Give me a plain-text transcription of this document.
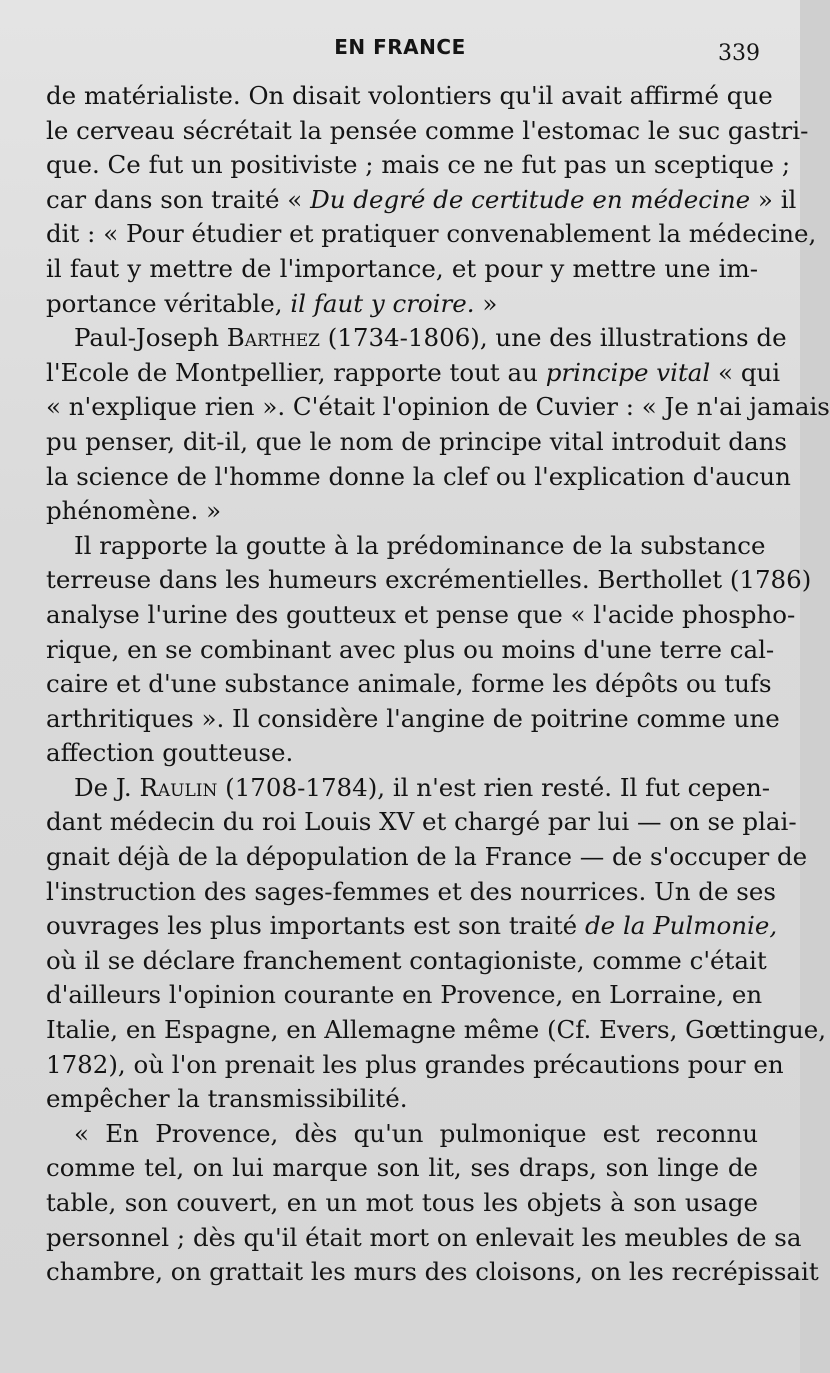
EN FRANCE	339
de matérialiste. On disait volontiers qu'il avait affirmé que
le cerveau sécrétait la pensée comme l'estomac le suc gastri-
que. Ce fut un positiviste ; mais ce ne fut pas un sceptique ;
car dans son traité « Du degré de certitude en médecine » il
dit : « Pour étudier et pratiquer convenablement la médecine,
il faut y mettre de l'importance, et pour y mettre une im-
portance véritable, il faut y croire. »
Paul-Joseph Barthez (1734-1806), une des illustrations de
l'Ecole de Montpellier, rapporte tout au principe vital « qui
« n'explique rien ». C'était l'opinion de Cuvier : « Je n'ai jamais
pu penser, dit-il, que le nom de principe vital introduit dans
la science de l'homme donne la clef ou l'explication d'aucun
phénomène. »
Il rapporte la goutte à la prédominance de la substance
terreuse dans les humeurs excrémentielles. Berthollet (1786)
analyse l'urine des goutteux et pense que « l'acide phospho-
rique, en se combinant avec plus ou moins d'une terre cal-
caire et d'une substance animale, forme les dépôts ou tufs
arthritiques ». Il considère l'angine de poitrine comme une
affection goutteuse.
De J. Raulin (1708-1784), il n'est rien resté. Il fut cepen-
dant médecin du roi Louis XV et chargé par lui — on se plai-
gnait déjà de la dépopulation de la France — de s'occuper de
l'instruction des sages-femmes et des nourrices. Un de ses
ouvrages les plus importants est son traité de la Pulmonie,
où il se déclare franchement contagioniste, comme c'était
d'ailleurs l'opinion courante en Provence, en Lorraine, en
Italie, en Espagne, en Allemagne même (Cf. Evers, Gœttingue,
1782), où l'on prenait les plus grandes précautions pour en
empêcher la transmissibilité.
« En Provence, dès qu'un pulmonique est reconnu
comme tel, on lui marque son lit, ses draps, son linge de
table, son couvert, en un mot tous les objets à son usage
personnel ; dès qu'il était mort on enlevait les meubles de sa
chambre, on grattait les murs des cloisons, on les recrépissait
